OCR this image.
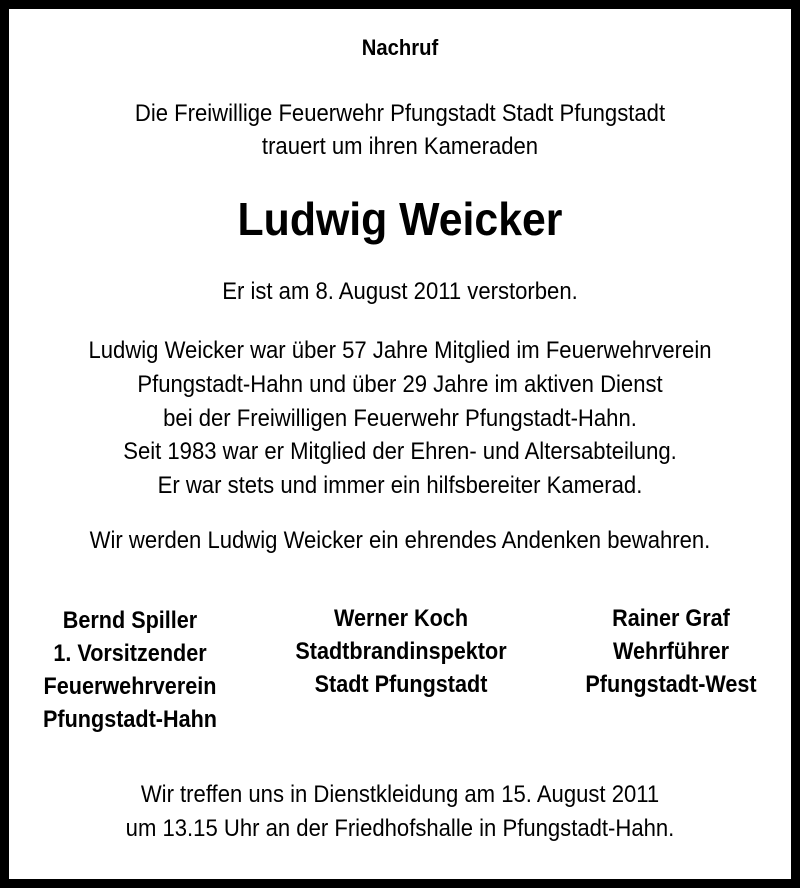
Nachruf
Die Freiwillige Feuerwehr Pfungstadt Stadt Pfungstadt
trauert um ihren Kameraden
Ludwig Weicker
Er ist am 8. August 2011 verstorben.
Ludwig Weicker war über 57 Jahre Mitglied im Feuerwehrverein
Pfungstadt-Hahn und über 29 Jahre im aktiven Dienst
bei der Freiwilligen Feuerwehr Pfungstadt-Hahn.
Seit 1983 war er Mitglied der Ehren- und Altersabteilung.
Er war stets und immer ein hilfsbereiter Kamerad.
Wir werden Ludwig Weicker ein ehrendes Andenken bewahren.
Bernd Spiller
1. Vorsitzender
Feuerwehrverein
Pfungstadt-Hahn
Werner Koch
Stadtbrandinspektor
Stadt Pfungstadt
Rainer Graf
Wehrführer
Pfungstadt-West
Wir treffen uns in Dienstkleidung am 15. August 2011
um 13.15 Uhr an der Friedhofshalle in Pfungstadt-Hahn.
